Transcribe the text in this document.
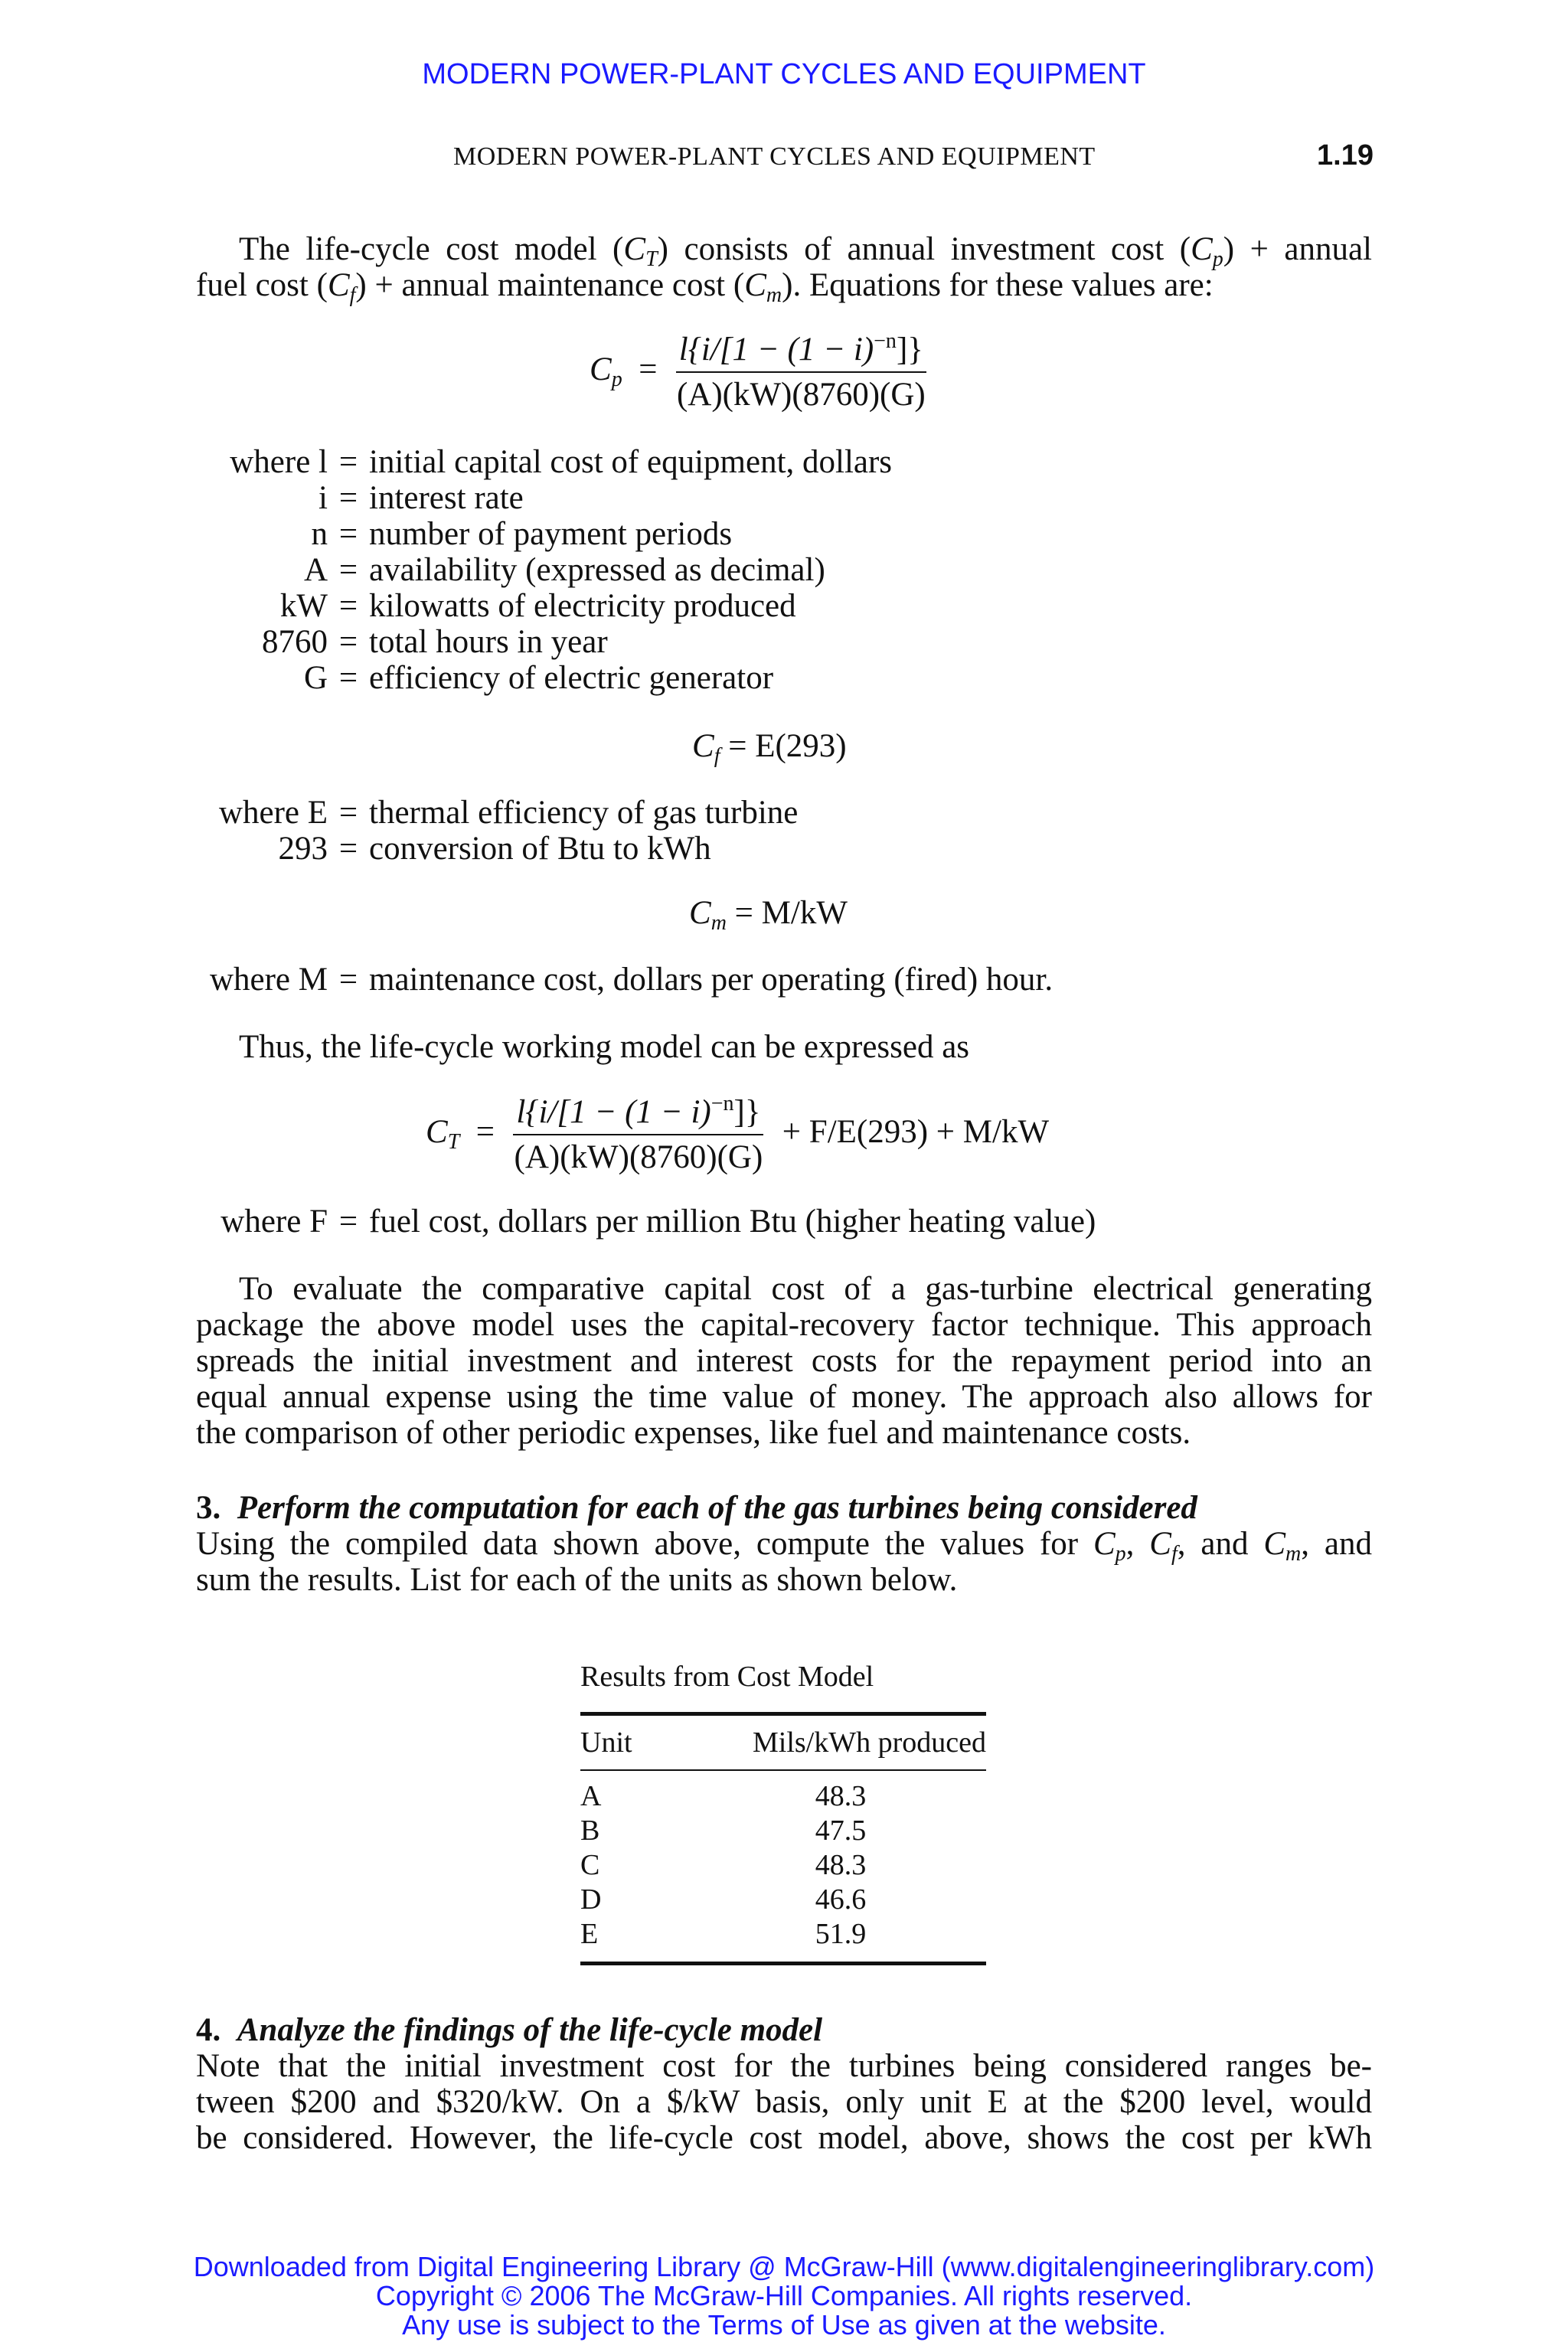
MODERN POWER-PLANT CYCLES AND EQUIPMENT
MODERN POWER-PLANT CYCLES AND EQUIPMENT	1.19
The life-cycle cost model $(C_T)$ consists of annual investment cost $(C_p)$ + annual
fuel cost $(C_f)$ + annual maintenance cost $(C_m)$. Equations for these values are:
$C_p = \frac{l\{i/[1 - (1 - i)^{-n}]\}}{(A)(kW)(8760)(G)}$
where l = initial capital cost of equipment, dollars
i = interest rate
n = number of payment periods
A = availability (expressed as decimal)
kW = kilowatts of electricity produced
8760 = total hours in year
G = efficiency of electric generator
$C_f = E(293)$
where E = thermal efficiency of gas turbine
293 = conversion of Btu to kWh
$C_m = M/kW$
where M = maintenance cost, dollars per operating (fired) hour.
Thus, the life-cycle working model can be expressed as
$C_T = \frac{l\{i/[1 - (1 - i)^{-n}]\}}{(A)(kW)(8760)(G)} + F/E(293) + M/kW$
where F = fuel cost, dollars per million Btu (higher heating value)
To evaluate the comparative capital cost of a gas-turbine electrical generating
package the above model uses the capital-recovery factor technique. This approach
spreads the initial investment and interest costs for the repayment period into an
equal annual expense using the time value of money. The approach also allows for
the comparison of other periodic expenses, like fuel and maintenance costs.
3. Perform the computation for each of the gas turbines being considered
Using the compiled data shown above, compute the values for $C_p$, $C_f$, and $C_m$, and
sum the results. List for each of the units as shown below.
Results from Cost Model
Unit	Mils/kWh produced
A	48.3
B	47.5
C	48.3
D	46.6
E	51.9
4. Analyze the findings of the life-cycle model
Note that the initial investment cost for the turbines being considered ranges be-
tween $200 and $320/kW. On a $/kW basis, only unit E at the $200 level, would
be considered. However, the life-cycle cost model, above, shows the cost per kWh
Downloaded from Digital Engineering Library @ McGraw-Hill (www.digitalengineeringlibrary.com)
Copyright © 2006 The McGraw-Hill Companies. All rights reserved.
Any use is subject to the Terms of Use as given at the website.
